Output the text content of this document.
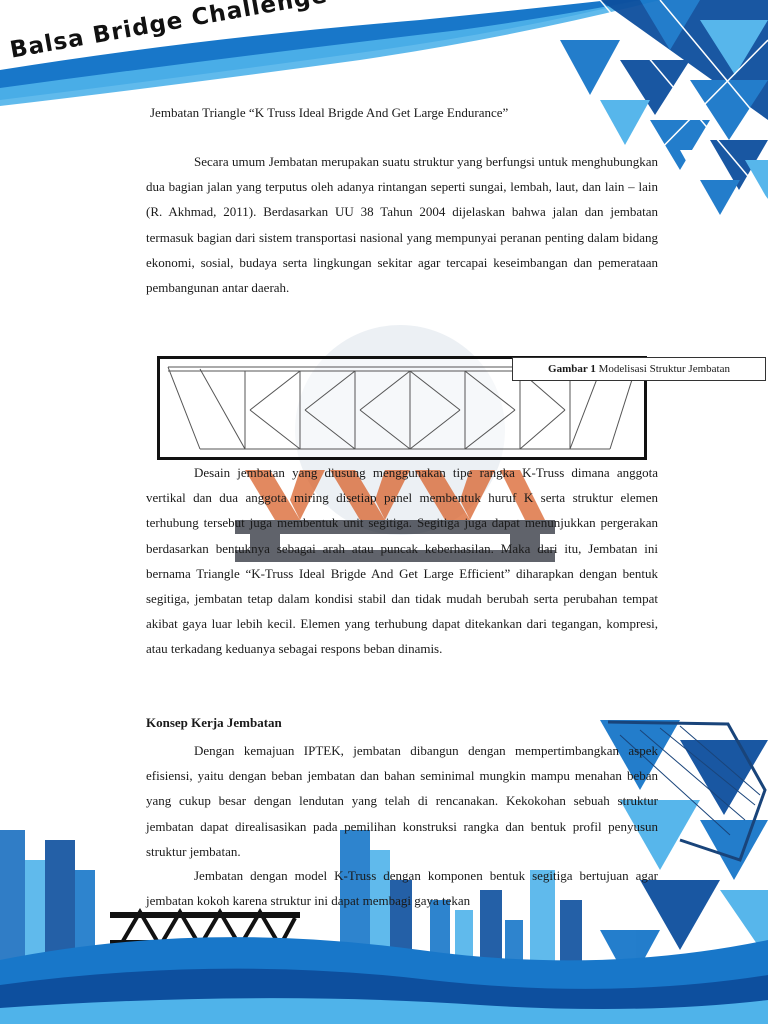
Jembatan Triangle “K Truss Ideal Brigde And Get Large Endurance”

Secara umum Jembatan merupakan suatu struktur yang berfungsi untuk menghubungkan dua bagian jalan yang terputus oleh adanya rintangan seperti sungai, lembah, laut, dan lain – lain (R. Akhmad, 2011). Berdasarkan UU 38 Tahun 2004 dijelaskan bahwa jalan dan jembatan termasuk bagian dari sistem transportasi nasional yang mempunyai peranan penting dalam bidang ekonomi, sosial, budaya serta lingkungan sekitar agar tercapai keseimbangan dan pemerataan pembangunan antar daerah.

Gambar 1 Modelisasi Struktur Jembatan

Desain jembatan yang diusung menggunakan tipe rangka K-Truss dimana anggota vertikal dan dua anggota miring disetiap panel membentuk huruf K serta struktur elemen terhubung tersebut juga membentuk unit segitiga. Segitiga juga dapat menunjukkan pergerakan berdasarkan bentuknya sebagai arah atau puncak keberhasilan. Maka dari itu, Jembatan ini bernama Triangle “K-Truss Ideal Brigde And Get Large Efficient” diharapkan dengan bentuk segitiga, jembatan tetap dalam kondisi stabil dan tidak mudah berubah serta perubahan tempat akibat gaya luar lebih kecil. Elemen yang terhubung dapat ditekankan dari tegangan, kompresi, atau terkadang keduanya sebagai respons beban dinamis.

Konsep Kerja Jembatan

Dengan kemajuan IPTEK, jembatan dibangun dengan mempertimbangkan aspek efisiensi, yaitu dengan beban jembatan dan bahan seminimal mungkin mampu menahan beban yang cukup besar dengan lendutan yang telah di rencanakan. Kekokohan sebuah struktur jembatan dapat direalisasikan pada pemilihan konstruksi rangka dan bentuk profil penyusun struktur jembatan.

Jembatan dengan model K-Truss dengan komponen bentuk segitiga bertujuan agar jembatan kokoh karena struktur ini dapat membagi gaya tekan
